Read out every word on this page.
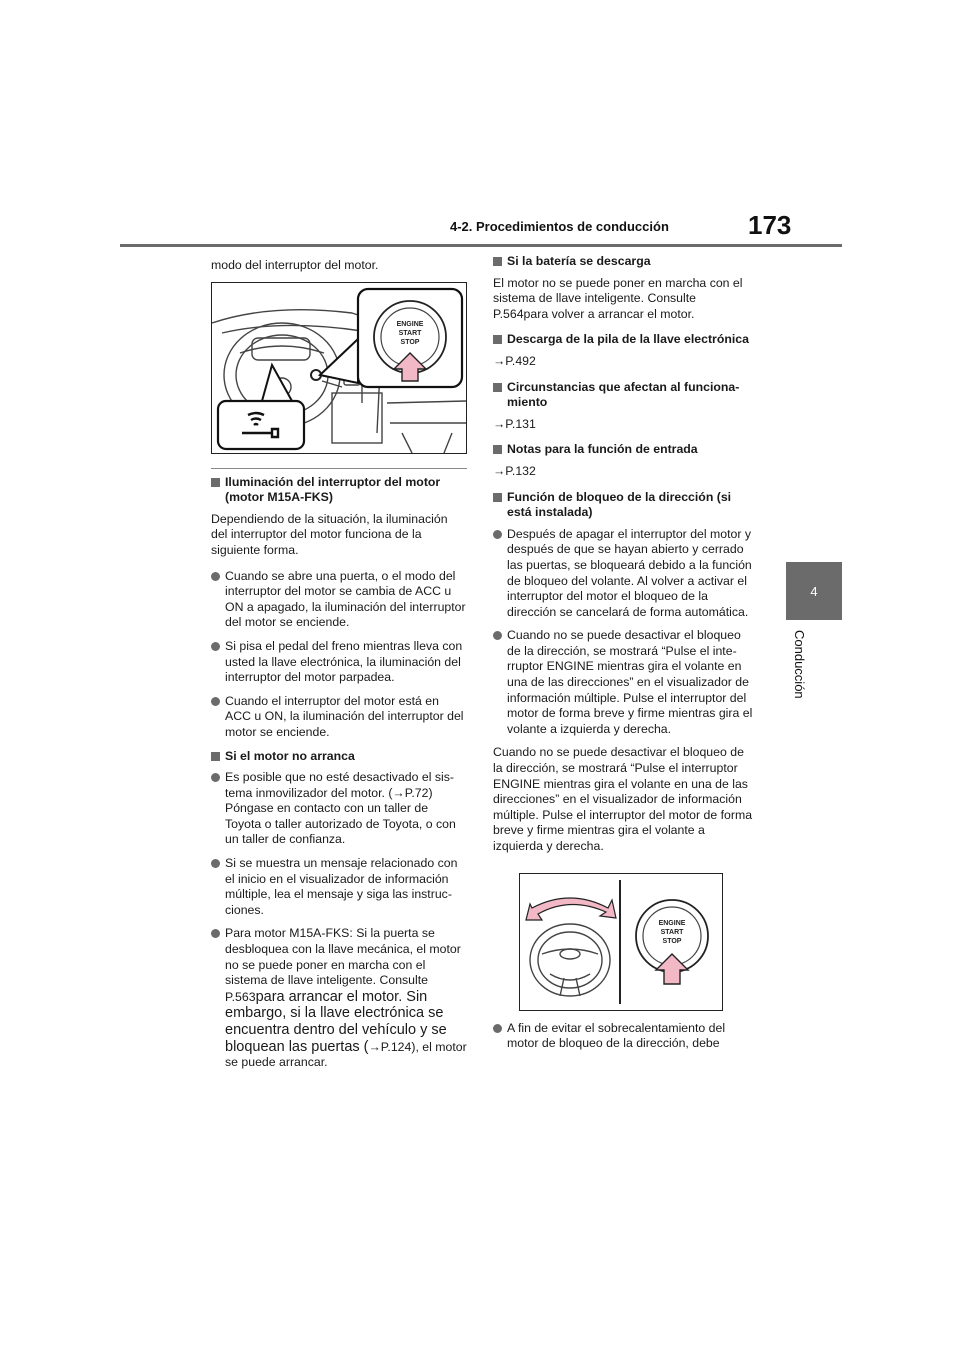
4-2. Procedimientos de conducción	173
4
Conducción

modo del interruptor del motor.

ENGINE
START
STOP
Iluminación del interruptor del motor (motor M15A-FKS)

Dependiendo de la situación, la iluminación del interruptor del motor funciona de la siguiente forma.

Cuando se abre una puerta, o el modo del interruptor del motor se cambia de ACC u ON a apagado, la iluminación del interruptor del motor se enciende.
Si pisa el pedal del freno mientras lleva con usted la llave electrónica, la iluminación del interruptor del motor parpadea.
Cuando el interruptor del motor está en ACC u ON, la iluminación del interruptor del motor se enciende.
Si el motor no arranca
Es posible que no esté desactivado el sistema inmovilizador del motor. (→P.72) Póngase en contacto con un taller de Toyota o taller autorizado de Toyota, o con un taller de confianza.
Si se muestra un mensaje relacionado con el inicio en el visualizador de información múltiple, lea el mensaje y siga las instrucciones.
Para motor M15A-FKS: Si la puerta se desbloquea con la llave mecánica, el motor no se puede poner en marcha con el sistema de llave inteligente. Consulte P.563para arrancar el motor. Sin embargo, si la llave electrónica se encuentra dentro del vehículo y se bloquean las puertas (→P.124), el motor se puede arrancar.
Si la batería se descarga

El motor no se puede poner en marcha con el sistema de llave inteligente. Consulte P.564para volver a arrancar el motor.

Descarga de la pila de la llave electrónica

→P.492

Circunstancias que afectan al funcionamiento

→P.131

Notas para la función de entrada

→P.132

Función de bloqueo de la dirección (si está instalada)
Después de apagar el interruptor del motor y después de que se hayan abierto y cerrado las puertas, se bloqueará debido a la función de bloqueo del volante. Al volver a activar el interruptor del motor el bloqueo de la dirección se cancelará de forma automática.
Cuando no se puede desactivar el bloqueo de la dirección, se mostrará “Pulse el interruptor ENGINE mientras gira el volante en una de las direcciones” en el visualizador de información múltiple. Pulse el interruptor del motor de forma breve y firme mientras gira el volante a izquierda y derecha.

Cuando no se puede desactivar el bloqueo de la dirección, se mostrará “Pulse el interruptor ENGINE mientras gira el volante en una de las direcciones” en el visualizador de información múltiple. Pulse el interruptor del motor de forma breve y firme mientras gira el volante a izquierda y derecha.

ENGINE
START
STOP
A fin de evitar el sobrecalentamiento del motor de bloqueo de la dirección, debe
